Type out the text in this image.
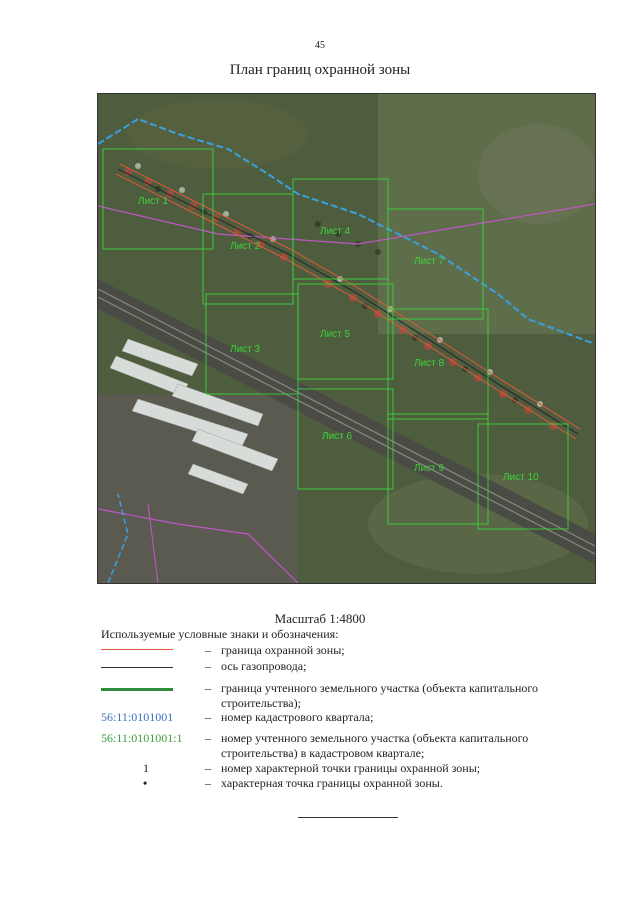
45
План границ охранной зоны
Лист 1
Лист 2
Лист 4
Лист 7
Лист 5
Лист 3
Лист 8
Лист 6
Лист 9
Лист 10
Масштаб 1:4800
Используемые условные знаки и обозначения:
– граница охранной зоны;
– ось газопровода;
– граница учтенного земельного участка (объекта капитального строительства);
56:11:0101001	– номер кадастрового квартала;
56:11:0101001:1 – номер учтенного земельного участка (объекта капитального строительства) в кадастровом квартале;
1	– номер характерной точки границы охранной зоны;
•	– характерная точка границы охранной зоны.
